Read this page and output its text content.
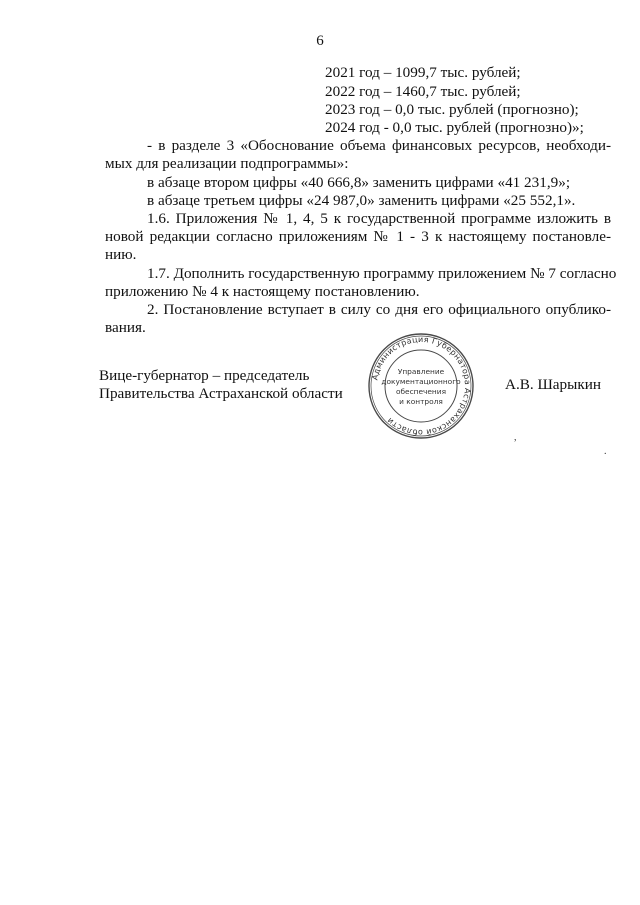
6
2021 год – 1099,7 тыс. рублей;
2022 год – 1460,7 тыс. рублей;
2023 год – 0,0 тыс. рублей (прогнозно);
2024 год - 0,0 тыс. рублей (прогнозно)»;
- в разделе 3 «Обоснование объема финансовых ресурсов, необходи-
мых для реализации подпрограммы»:
в абзаце втором цифры «40 666,8» заменить цифрами «41 231,9»;
в абзаце третьем цифры «24 987,0» заменить цифрами «25 552,1».
1.6. Приложения № 1, 4, 5 к государственной программе изложить в
новой редакции согласно приложениям № 1 - 3 к настоящему постановле-
нию.
1.7. Дополнить государственную программу приложением № 7 согласно
приложению № 4 к настоящему постановлению.
2. Постановление вступает в силу со дня его официального опублико-
вания.
Вице-губернатор – председатель
Правительства Астраханской области
А.В. Шарыкин
Администрация Губернатора Астраханской области
Управление
документационного
обеспечения
и контроля
,
.
